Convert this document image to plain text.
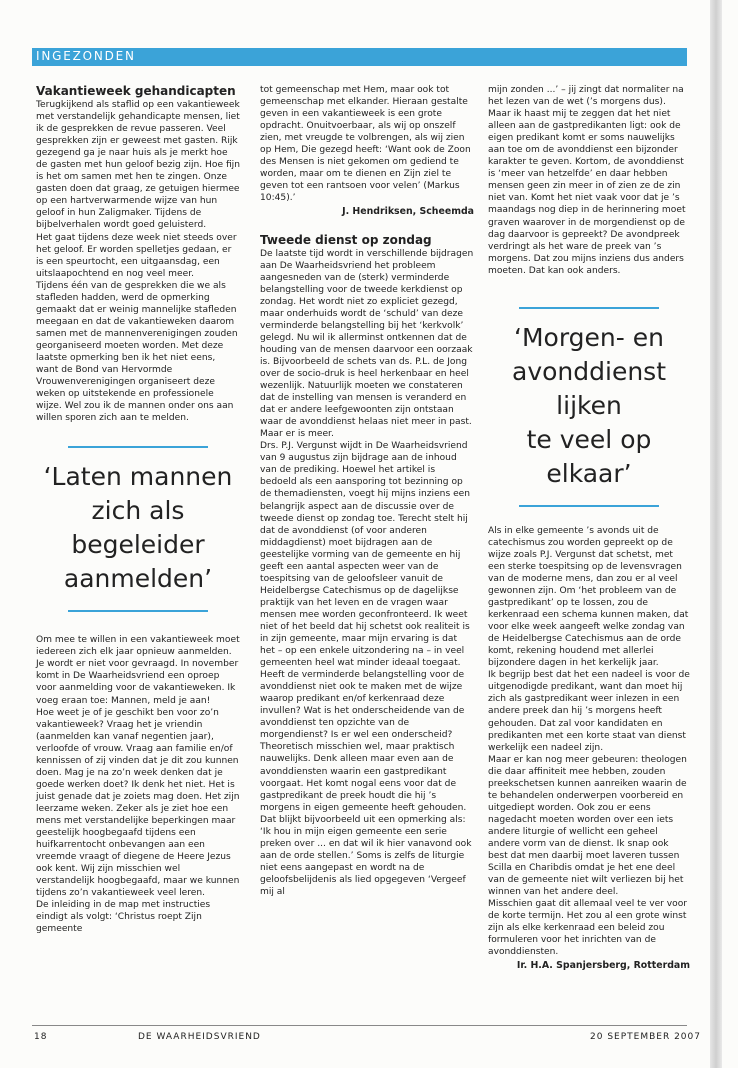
INGEZONDEN
Vakantieweek gehandicapten

Terugkijkend als staflid op een vakantieweek met verstandelijk gehandicapte mensen, liet ik de gesprekken de revue passeren. Veel gesprekken zijn er geweest met gasten. Rijk gezegend ga je naar huis als je merkt hoe de gasten met hun geloof bezig zijn. Hoe fijn is het om samen met hen te zingen. Onze gasten doen dat graag, ze getuigen hiermee op een hartverwarmende wijze van hun geloof in hun Zaligmaker. Tijdens de bijbelverhalen wordt goed geluisterd.
Het gaat tijdens deze week niet steeds over het geloof. Er worden spelletjes gedaan, er is een speurtocht, een uitgaansdag, een uitslaapochtend en nog veel meer.
Tijdens één van de gesprekken die we als stafleden hadden, werd de opmerking gemaakt dat er weinig mannelijke stafleden meegaan en dat de vakantieweken daarom samen met de mannenverenigingen zouden georganiseerd moeten worden. Met deze laatste opmerking ben ik het niet eens, want de Bond van Hervormde Vrouwenverenigingen organiseert deze weken op uitstekende en professionele wijze. Wel zou ik de mannen onder ons aan willen sporen zich aan te melden.

‘Laten mannen
zich als begeleider
aanmelden’

Om mee te willen in een vakantieweek moet iedereen zich elk jaar opnieuw aanmelden. Je wordt er niet voor gevraagd. In november komt in De Waarheidsvriend een oproep voor aanmelding voor de vakantieweken. Ik voeg eraan toe: Mannen, meld je aan!
Hoe weet je of je geschikt ben voor zo’n vakantieweek? Vraag het je vriendin (aanmelden kan vanaf negentien jaar), verloofde of vrouw. Vraag aan familie en/of kennissen of zij vinden dat je dit zou kunnen doen. Mag je na zo’n week denken dat je goede werken doet? Ik denk het niet. Het is juist genade dat je zoiets mag doen. Het zijn leerzame weken. Zeker als je ziet hoe een mens met verstandelijke beperkingen maar geestelijk hoogbegaafd tijdens een huifkarrentocht onbevangen aan een vreemde vraagt of diegene de Heere Jezus ook kent. Wij zijn misschien wel verstandelijk hoogbegaafd, maar we kunnen tijdens zo’n vakantieweek veel leren.
De inleiding in de map met instructies eindigt als volgt: ‘Christus roept Zijn gemeente

tot gemeenschap met Hem, maar ook tot gemeenschap met elkander. Hieraan gestalte geven in een vakantieweek is een grote opdracht. Onuitvoerbaar, als wij op onszelf zien, met vreugde te volbrengen, als wij zien op Hem, Die gezegd heeft: ‘Want ook de Zoon des Mensen is niet gekomen om gediend te worden, maar om te dienen en Zijn ziel te geven tot een rantsoen voor velen’ (Markus 10:45).’

J. Hendriksen, Scheemda
Tweede dienst op zondag

De laatste tijd wordt in verschillende bijdragen aan De Waarheidsvriend het probleem aangesneden van de (sterk) verminderde belangstelling voor de tweede kerkdienst op zondag. Het wordt niet zo expliciet gezegd, maar onderhuids wordt de ‘schuld’ van deze verminderde belangstelling bij het ‘kerkvolk’ gelegd. Nu wil ik allerminst ontkennen dat de houding van de mensen daarvoor een oorzaak is. Bijvoorbeeld de schets van ds. P.L. de Jong over de socio-druk is heel herkenbaar en heel wezenlijk. Natuurlijk moeten we constateren dat de instelling van mensen is veranderd en dat er andere leefgewoonten zijn ontstaan waar de avonddienst helaas niet meer in past. Maar er is meer.
Drs. P.J. Vergunst wijdt in De Waarheidsvriend van 9 augustus zijn bijdrage aan de inhoud van de prediking. Hoewel het artikel is bedoeld als een aansporing tot bezinning op de themadiensten, voegt hij mijns inziens een belangrijk aspect aan de discussie over de tweede dienst op zondag toe. Terecht stelt hij dat de avonddienst (of voor anderen middagdienst) moet bijdragen aan de geestelijke vorming van de gemeente en hij geeft een aantal aspecten weer van de toespitsing van de geloofsleer vanuit de Heidelbergse Catechismus op de dagelijkse praktijk van het leven en de vragen waar mensen mee worden geconfronteerd. Ik weet niet of het beeld dat hij schetst ook realiteit is in zijn gemeente, maar mijn ervaring is dat het – op een enkele uitzondering na – in veel gemeenten heel wat minder ideaal toegaat. Heeft de verminderde belangstelling voor de avonddienst niet ook te maken met de wijze waarop predikant en/of kerkenraad deze invullen? Wat is het onderscheidende van de avonddienst ten opzichte van de morgendienst? Is er wel een onderscheid?
Theoretisch misschien wel, maar praktisch nauwelijks. Denk alleen maar even aan de avonddiensten waarin een gastpredikant voorgaat. Het komt nogal eens voor dat de gastpredikant de preek houdt die hij ’s morgens in eigen gemeente heeft gehouden. Dat blijkt bijvoorbeeld uit een opmerking als: ‘Ik hou in mijn eigen gemeente een serie preken over ... en dat wil ik hier vanavond ook aan de orde stellen.’ Soms is zelfs de liturgie niet eens aangepast en wordt na de geloofsbelijdenis als lied opgegeven ‘Vergeef mij al

mijn zonden ...’ – jij zingt dat normaliter na het lezen van de wet (’s morgens dus).
Maar ik haast mij te zeggen dat het niet alleen aan de gastpredikanten ligt: ook de eigen predikant komt er soms nauwelijks aan toe om de avonddienst een bijzonder karakter te geven. Kortom, de avonddienst is ‘meer van hetzelfde’ en daar hebben mensen geen zin meer in of zien ze de zin niet van. Komt het niet vaak voor dat je ’s maandags nog diep in de herinnering moet graven waarover in de morgendienst op de dag daarvoor is gepreekt? De avondpreek verdringt als het ware de preek van ’s morgens. Dat zou mijns inziens dus anders moeten. Dat kan ook anders.

‘Morgen- en
avonddienst lijken
te veel op elkaar’

Als in elke gemeente ’s avonds uit de catechismus zou worden gepreekt op de wijze zoals P.J. Vergunst dat schetst, met een sterke toespitsing op de levensvragen van de moderne mens, dan zou er al veel gewonnen zijn. Om ‘het probleem van de gastpredikant’ op te lossen, zou de kerkenraad een schema kunnen maken, dat voor elke week aangeeft welke zondag van de Heidelbergse Catechismus aan de orde komt, rekening houdend met allerlei bijzondere dagen in het kerkelijk jaar.
Ik begrijp best dat het een nadeel is voor de uitgenodigde predikant, want dan moet hij zich als gastpredikant weer inlezen in een andere preek dan hij ’s morgens heeft gehouden. Dat zal voor kandidaten en predikanten met een korte staat van dienst werkelijk een nadeel zijn.
Maar er kan nog meer gebeuren: theologen die daar affiniteit mee hebben, zouden preekschetsen kunnen aanreiken waarin de te behandelen onderwerpen voorbereid en uitgediept worden. Ook zou er eens nagedacht moeten worden over een iets andere liturgie of wellicht een geheel andere vorm van de dienst. Ik snap ook best dat men daarbij moet laveren tussen Scilla en Charibdis omdat je het ene deel van de gemeente niet wilt verliezen bij het winnen van het andere deel.
Misschien gaat dit allemaal veel te ver voor de korte termijn. Het zou al een grote winst zijn als elke kerkenraad een beleid zou formuleren voor het inrichten van de avonddiensten.

Ir. H.A. Spanjersberg, Rotterdam
18	DE WAARHEIDSVRIEND	20 SEPTEMBER 2007
